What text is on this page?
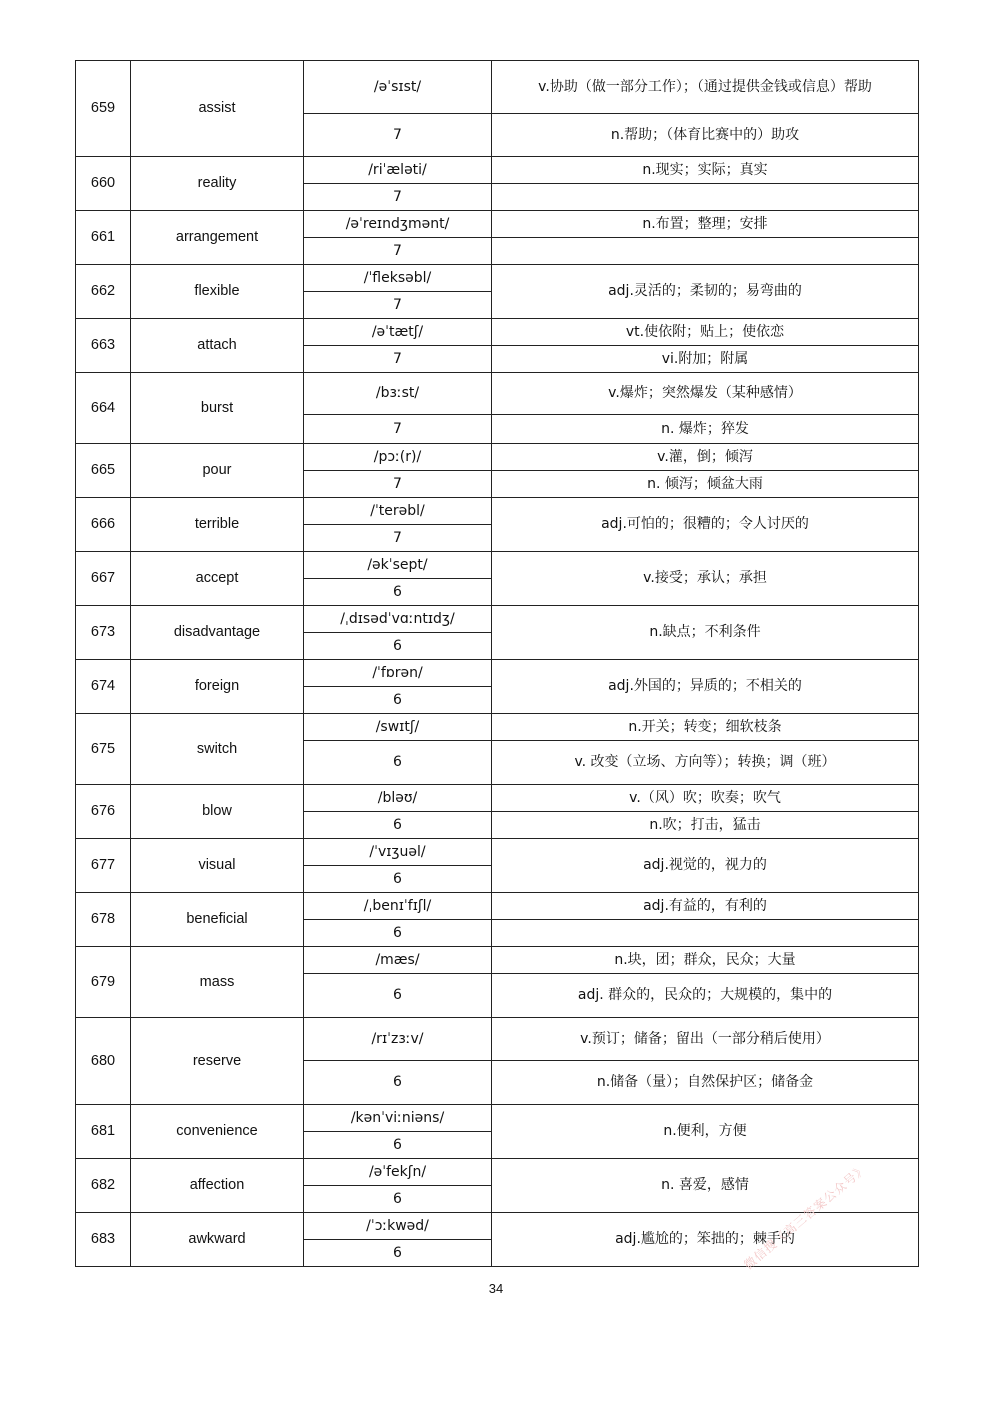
659	assist	/əˈsɪst/	v.协助（做一部分工作）；（通过提供金钱或信息）帮助
		7	n.帮助；（体育比赛中的）助攻
660	reality	/riˈæləti/	n.现实；实际；真实
		7	
661	arrangement	/əˈreɪndʒmənt/	n.布置；整理；安排
		7	
662	flexible	/ˈfleksəbl/	adj.灵活的；柔韧的；易弯曲的
		7	
663	attach	/əˈtætʃ/	vt.使依附；贴上；使依恋
		7	vi.附加；附属
664	burst	/bɜːst/	v.爆炸；突然爆发（某种感情）
		7	n. 爆炸；猝发
665	pour	/pɔː(r)/	v.灌，倒；倾泻
		7	n. 倾泻；倾盆大雨
666	terrible	/ˈterəbl/	adj.可怕的；很糟的；令人讨厌的
		7	
667	accept	/əkˈsept/	v.接受；承认；承担
		6	
673	disadvantage	/ˌdɪsədˈvɑːntɪdʒ/	n.缺点；不利条件
		6	
674	foreign	/ˈfɒrən/	adj.外国的；异质的；不相关的
		6	
675	switch	/swɪtʃ/	n.开关；转变；细软枝条
		6	v. 改变（立场、方向等）；转换；调（班）
676	blow	/bləʊ/	v.（风）吹；吹奏；吹气
		6	n.吹；打击，猛击
677	visual	/ˈvɪʒuəl/	adj.视觉的，视力的
		6	
678	beneficial	/ˌbenɪˈfɪʃl/	adj.有益的，有利的
		6	
679	mass	/mæs/	n.块，团；群众，民众；大量
		6	adj. 群众的，民众的；大规模的，集中的
680	reserve	/rɪˈzɜːv/	v.预订；储备；留出（一部分稍后使用）
		6	n.储备（量）；自然保护区；储备金
681	convenience	/kənˈviːniəns/	n.便利，方便
		6	
682	affection	/əˈfekʃn/	n. 喜爱，感情
		6	
683	awkward	/ˈɔːkwəd/	adj.尴尬的；笨拙的；棘手的
		6	
34
微信搜《高三答案公众号》
